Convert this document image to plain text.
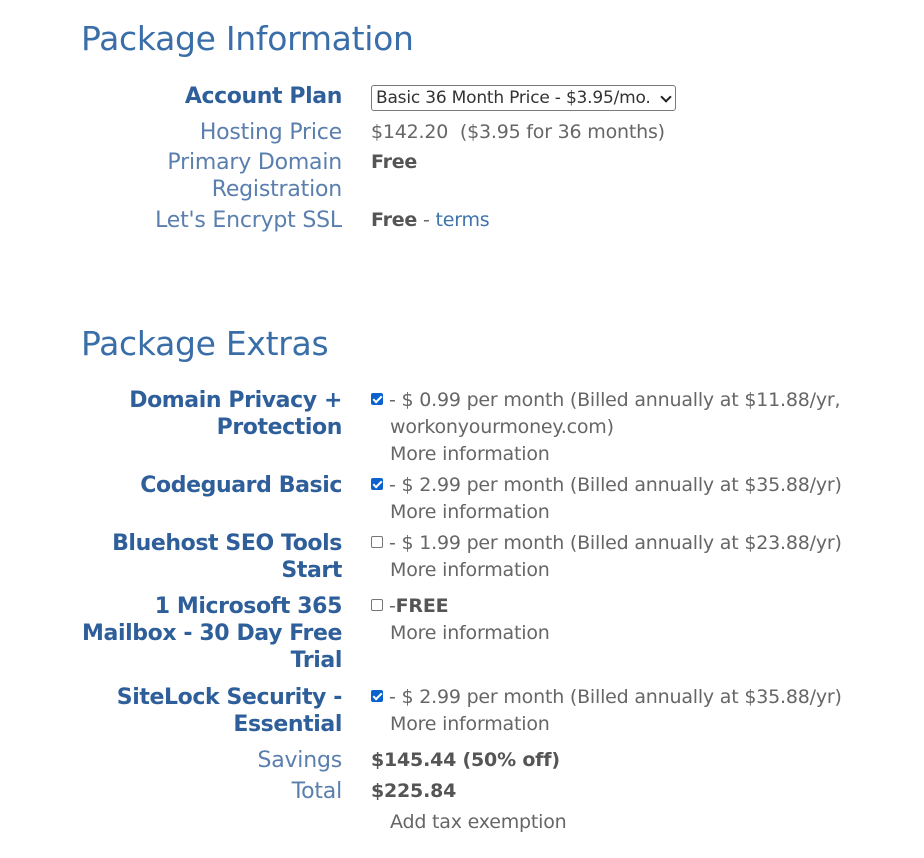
Package Information
Account Plan Basic 36 Month Price - $3.95/mo.
Hosting Price $142.20 ($3.95 for 36 months)
Primary Domain
Registration
Free
Let's Encrypt SSL Free - terms
Package Extras
Domain Privacy +
Protection
- $ 0.99 per month (Billed annually at $11.88/yr,
workonyourmoney.com)
More information
Codeguard Basic	- $ 2.99 per month (Billed annually at $35.88/yr)
More information
Bluehost SEO Tools
Start
- $ 1.99 per month (Billed annually at $23.88/yr)
More information
1 Microsoft 365
Mailbox - 30 Day Free
Trial
-FREE
More information
SiteLock Security -
Essential
- $ 2.99 per month (Billed annually at $35.88/yr)
More information
Savings $145.44 (50% off)
Total $225.84
Add tax exemption
